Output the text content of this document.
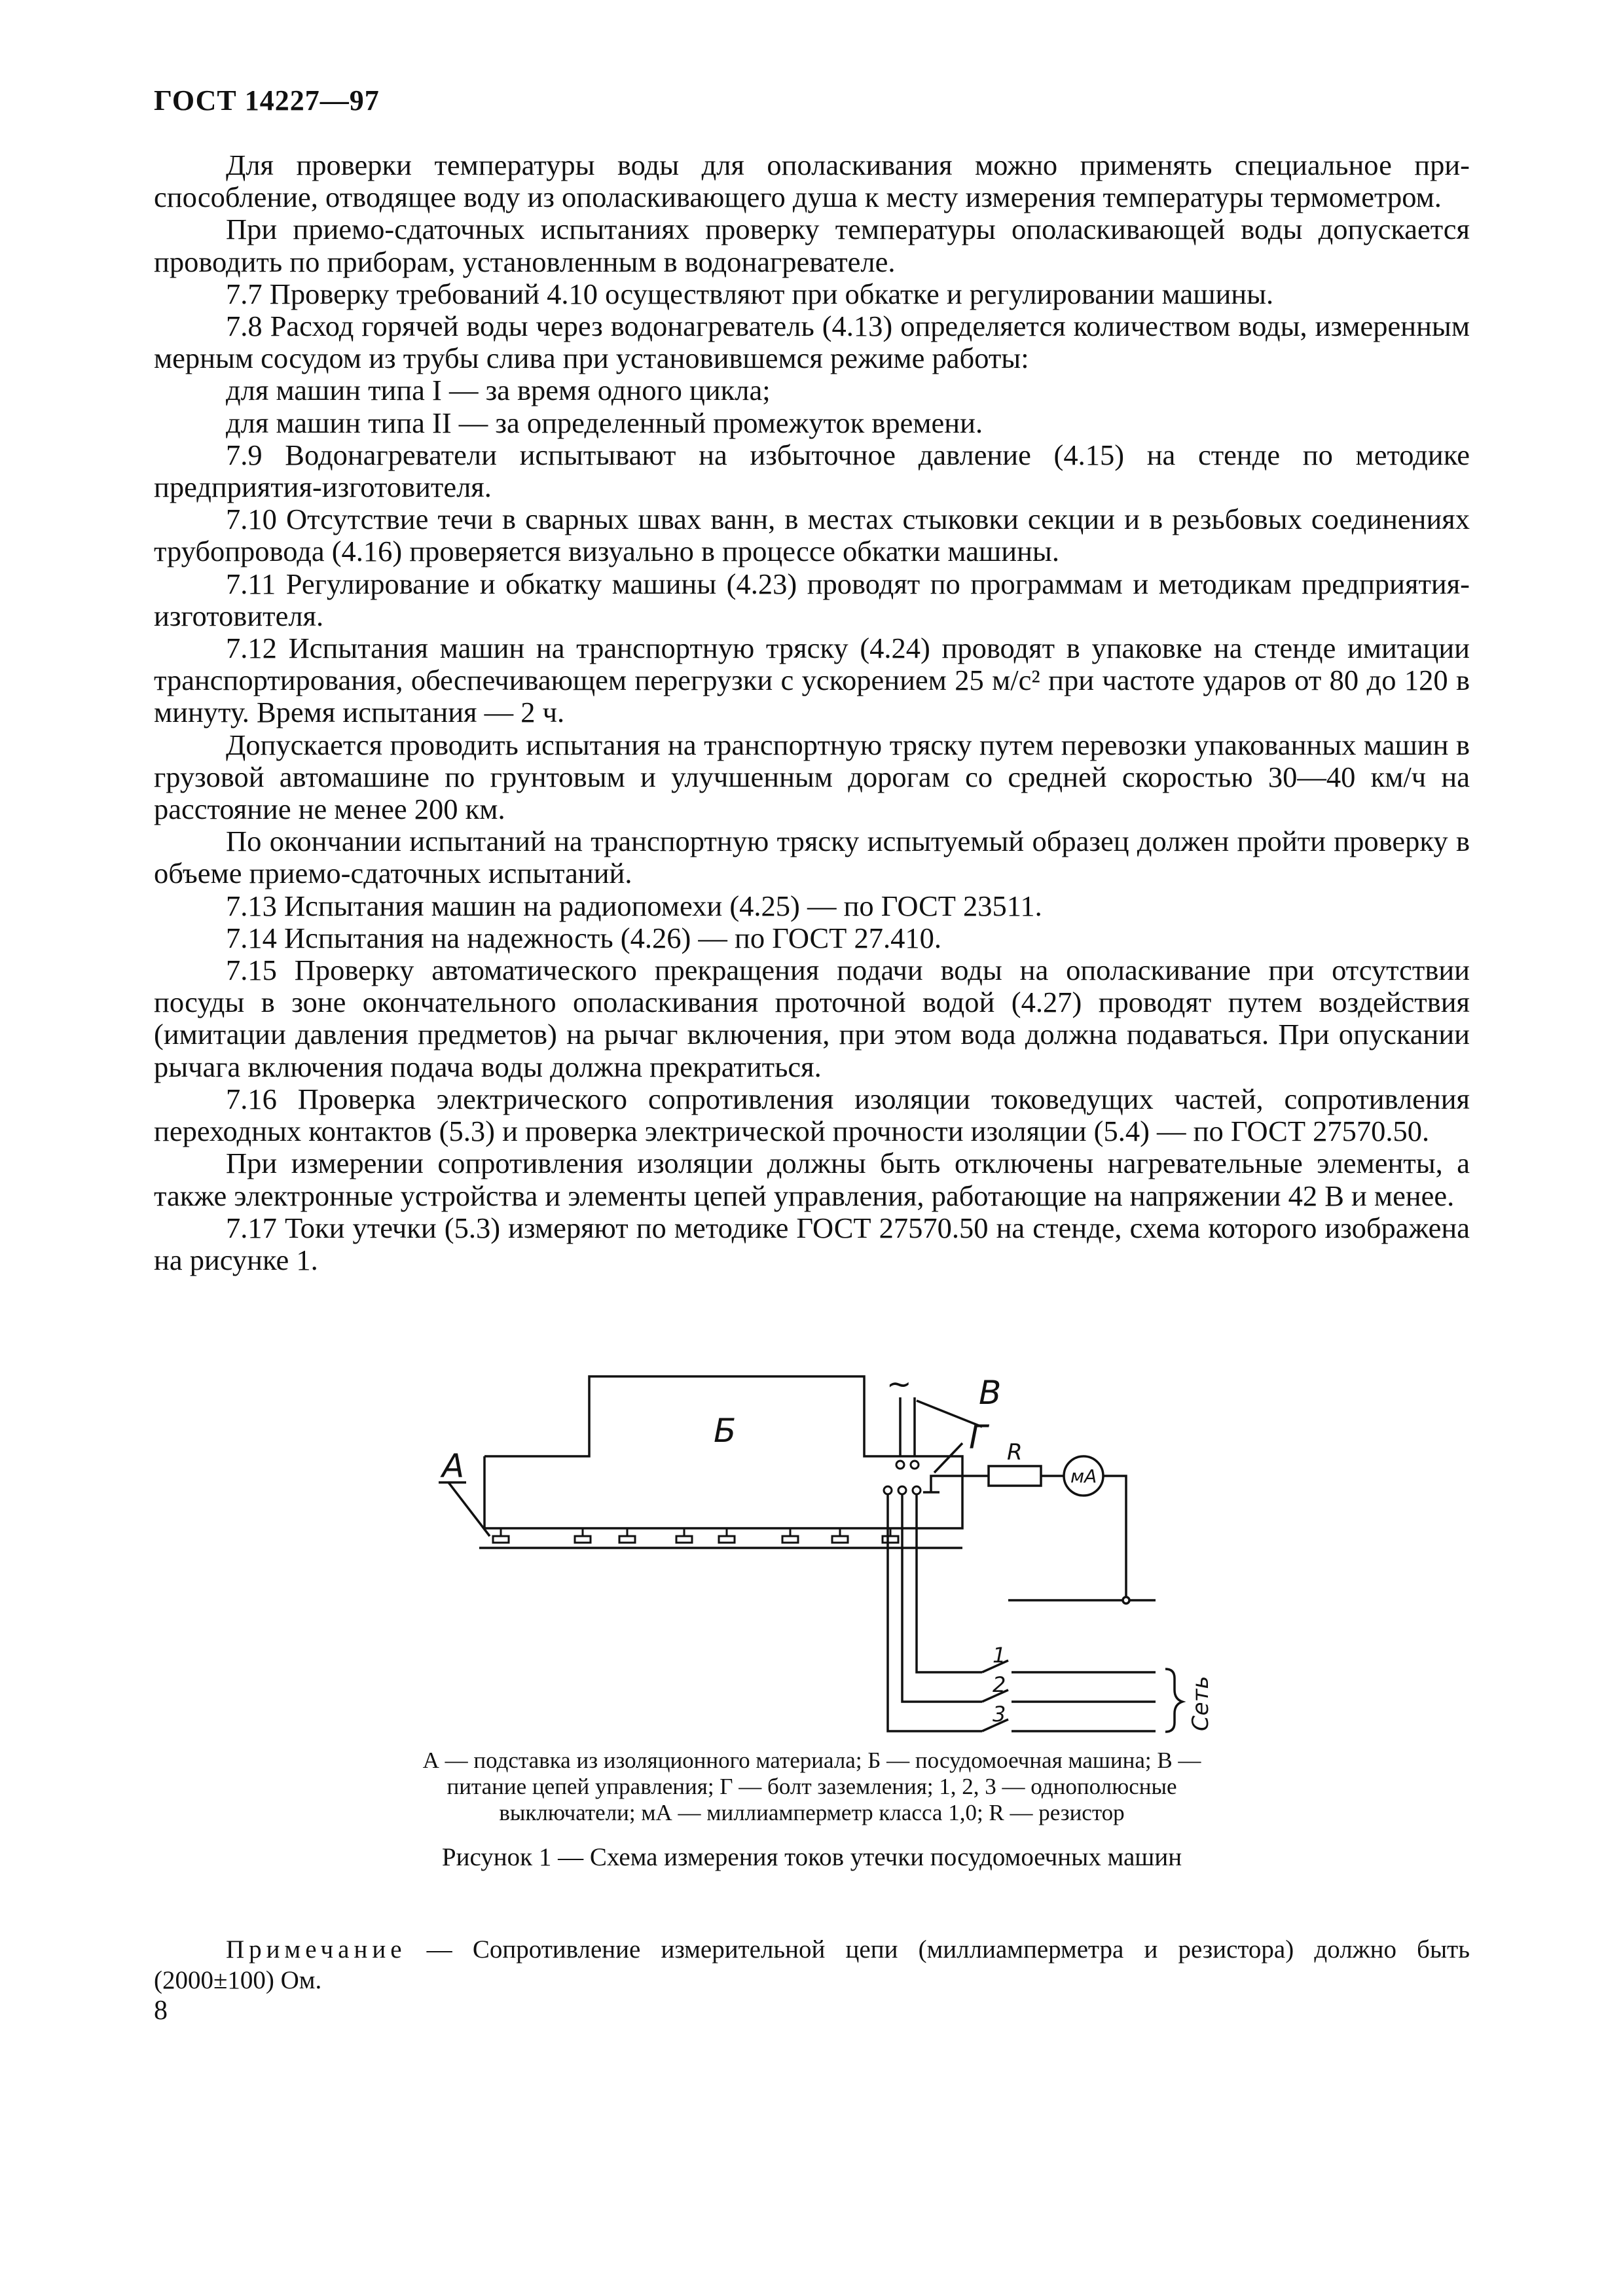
ГОСТ 14227—97

Для проверки температуры воды для ополаскивания можно применять специальное приспособление, отводящее воду из ополаскивающего душа к месту измерения температуры термометром.

При приемо-сдаточных испытаниях проверку температуры ополаскивающей воды допускается проводить по приборам, установленным в водонагревателе.

7.7 Проверку требований 4.10 осуществляют при обкатке и регулировании машины.

7.8 Расход горячей воды через водонагреватель (4.13) определяется количеством воды, измеренным мерным сосудом из трубы слива при установившемся режиме работы:

для машин типа I — за время одного цикла;

для машин типа II — за определенный промежуток времени.

7.9 Водонагреватели испытывают на избыточное давление (4.15) на стенде по методике предприятия-изготовителя.

7.10 Отсутствие течи в сварных швах ванн, в местах стыковки секции и в резьбовых соединениях трубопровода (4.16) проверяется визуально в процессе обкатки машины.

7.11 Регулирование и обкатку машины (4.23) проводят по программам и методикам предприятия-изготовителя.

7.12 Испытания машин на транспортную тряску (4.24) проводят в упаковке на стенде имитации транспортирования, обеспечивающем перегрузки с ускорением 25 м/с² при частоте ударов от 80 до 120 в минуту. Время испытания — 2 ч.

Допускается проводить испытания на транспортную тряску путем перевозки упакованных машин в грузовой автомашине по грунтовым и улучшенным дорогам со средней скоростью 30—40 км/ч на расстояние не менее 200 км.

По окончании испытаний на транспортную тряску испытуемый образец должен пройти проверку в объеме приемо-сдаточных испытаний.

7.13 Испытания машин на радиопомехи (4.25) — по ГОСТ 23511.

7.14 Испытания на надежность (4.26) — по ГОСТ 27.410.

7.15 Проверку автоматического прекращения подачи воды на ополаскивание при отсутствии посуды в зоне окончательного ополаскивания проточной водой (4.27) проводят путем воздействия (имитации давления предметов) на рычаг включения, при этом вода должна подаваться. При опускании рычага включения подача воды должна прекратиться.

7.16 Проверка электрического сопротивления изоляции токоведущих частей, сопротивления переходных контактов (5.3) и проверка электрической прочности изоляции (5.4) — по ГОСТ 27570.50.

При измерении сопротивления изоляции должны быть отключены нагревательные элементы, а также электронные устройства и элементы цепей управления, работающие на напряжении 42 В и менее.

7.17 Токи утечки (5.3) измеряют по методике ГОСТ 27570.50 на стенде, схема которого изображена на рисунке 1.

Б
А
В
~
Г R
мА
1
2
3	Сеть
А — подставка из изоляционного материала; Б — посудомоечная машина; В — питание цепей управления; Г — болт заземления; 1, 2, 3 — однополюсные выключатели; мА — миллиамперметр класса 1,0; R — резистор
Рисунок 1 — Схема измерения токов утечки посудомоечных машин
Примечание — Сопротивление измерительной цепи (миллиамперметра и резистора) должно быть (2000±100) Ом.
8
